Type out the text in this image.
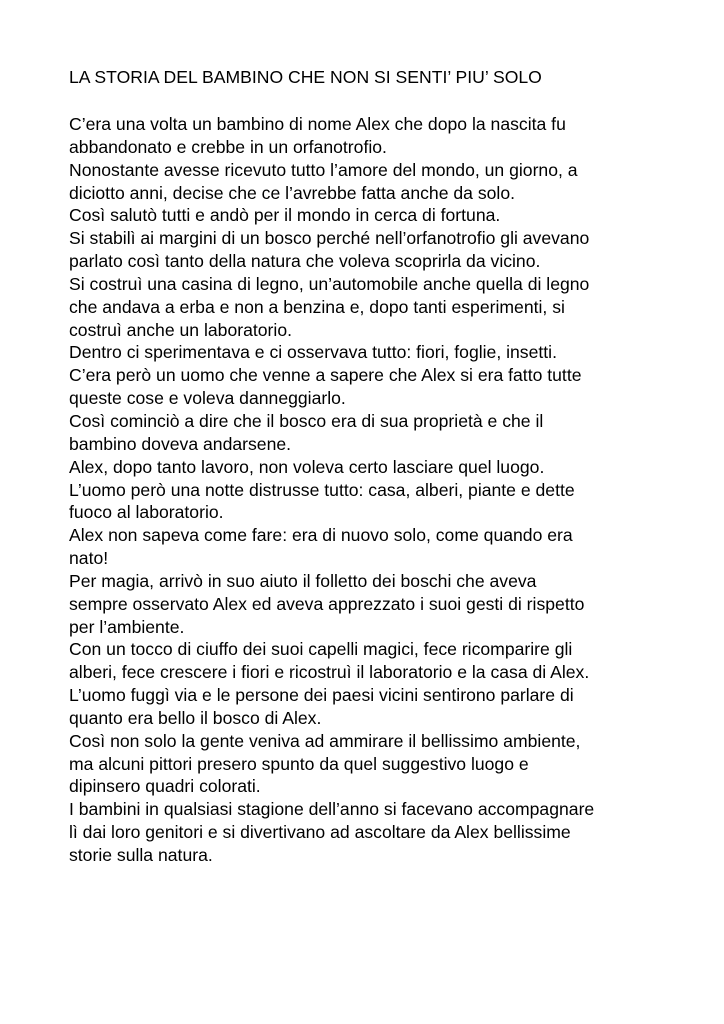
LA STORIA DEL BAMBINO CHE NON SI SENTI’ PIU’ SOLO
C’era una volta un bambino di nome Alex che dopo la nascita fu
abbandonato e crebbe in un orfanotrofio.
Nonostante avesse ricevuto tutto l’amore del mondo, un giorno, a
diciotto anni, decise che ce l’avrebbe fatta anche da solo.
Così salutò tutti e andò per il mondo in cerca di fortuna.
Si stabilì ai margini di un bosco perché nell’orfanotrofio gli avevano
parlato così tanto della natura che voleva scoprirla da vicino.
Si costruì una casina di legno, un’automobile anche quella di legno
che andava a erba e non a benzina e, dopo tanti esperimenti, si
costruì anche un laboratorio.
Dentro ci sperimentava e ci osservava tutto: fiori, foglie, insetti.
C’era però un uomo che venne a sapere che Alex si era fatto tutte
queste cose e voleva danneggiarlo.
Così cominciò a dire che il bosco era di sua proprietà e che il
bambino doveva andarsene.
Alex, dopo tanto lavoro, non voleva certo lasciare quel luogo.
L’uomo però una notte distrusse tutto: casa, alberi, piante e dette
fuoco al laboratorio.
Alex non sapeva come fare: era di nuovo solo, come quando era
nato!
Per magia, arrivò in suo aiuto il folletto dei boschi che aveva
sempre osservato Alex ed aveva apprezzato i suoi gesti di rispetto
per l’ambiente.
Con un tocco di ciuffo dei suoi capelli magici, fece ricomparire gli
alberi, fece crescere i fiori e ricostruì il laboratorio e la casa di Alex.
L’uomo fuggì via e le persone dei paesi vicini sentirono parlare di
quanto era bello il bosco di Alex.
Così non solo la gente veniva ad ammirare il bellissimo ambiente,
ma alcuni pittori presero spunto da quel suggestivo luogo e
dipinsero quadri colorati.
I bambini in qualsiasi stagione dell’anno si facevano accompagnare
lì dai loro genitori e si divertivano ad ascoltare da Alex bellissime
storie sulla natura.
